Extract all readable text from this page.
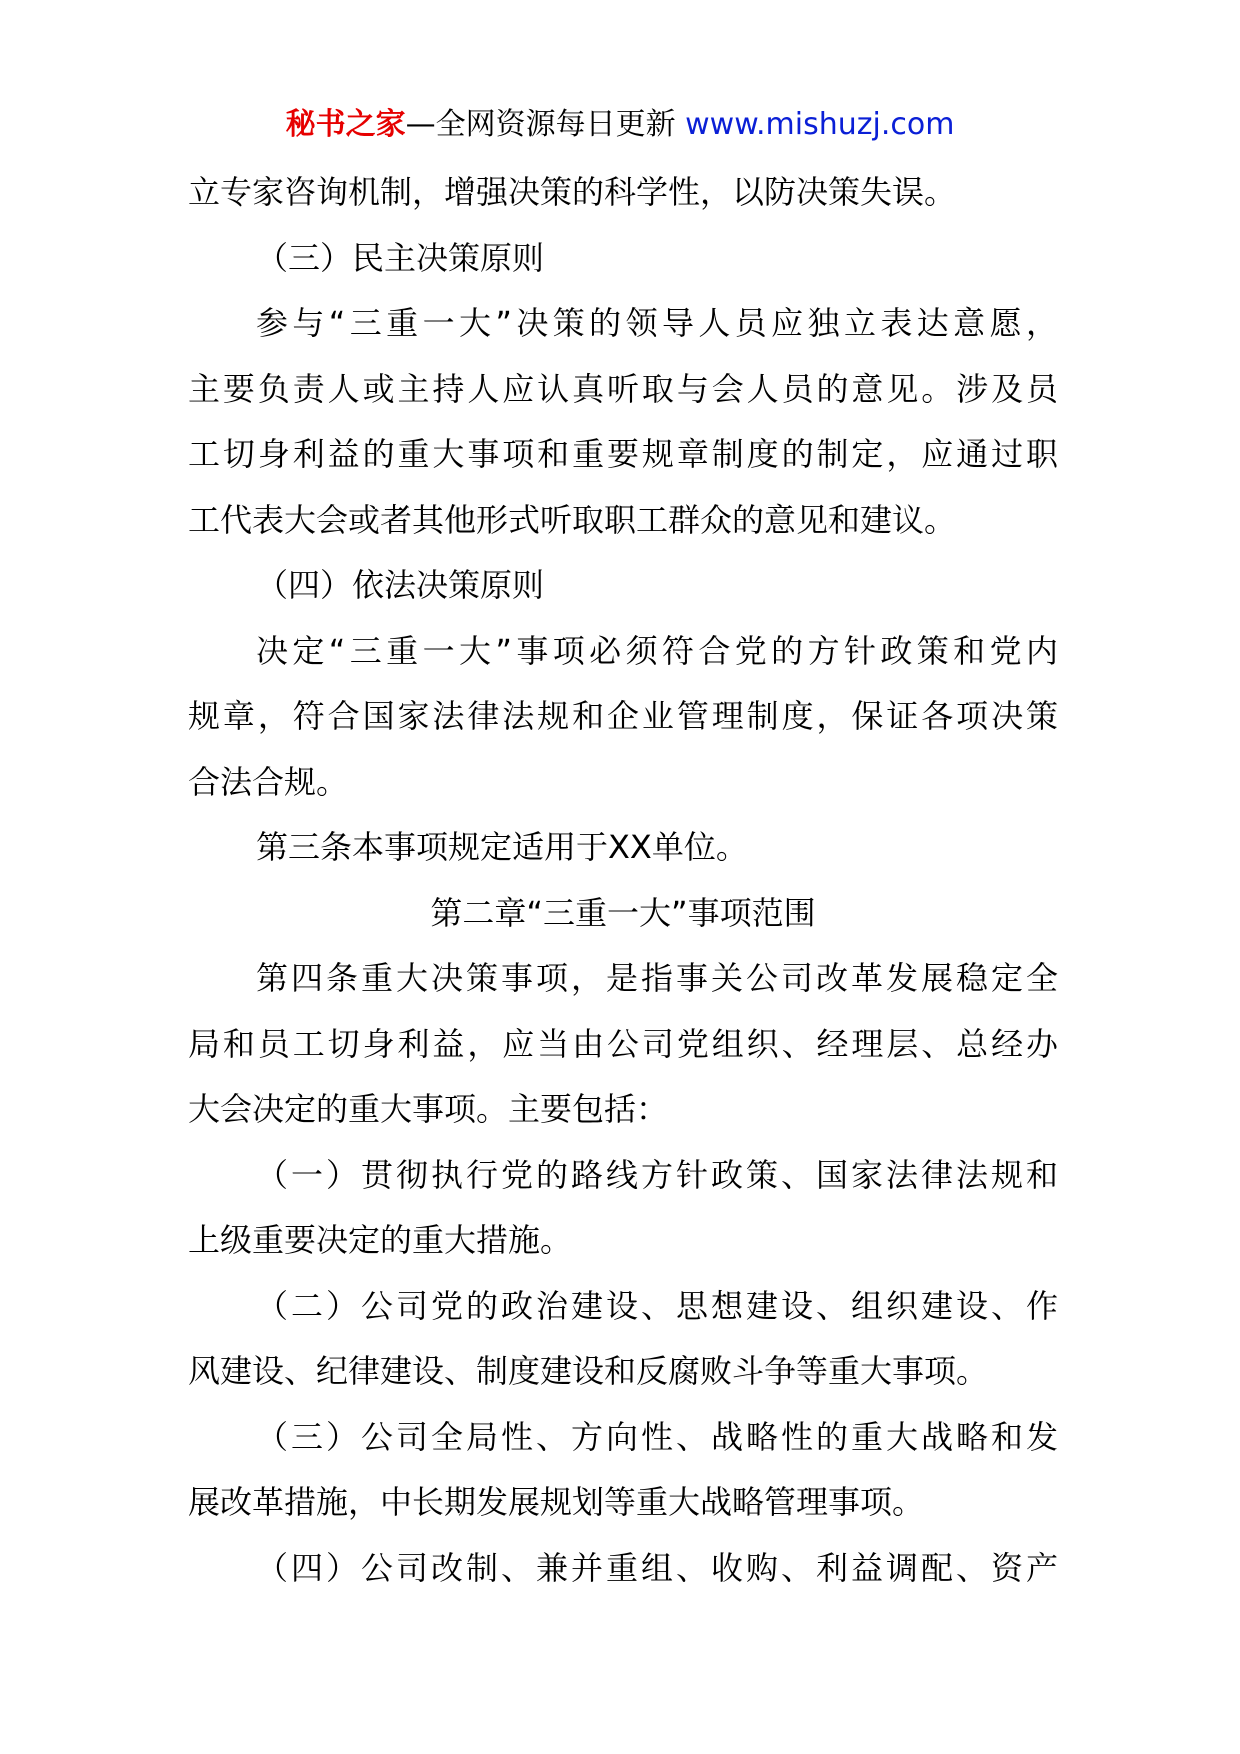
秘书之家—全网资源每日更新 www.mishuzj.com
立专家咨询机制，增强决策的科学性，以防决策失误。
（三）民主决策原则
参与“三重一大”决策的领导人员应独立表达意愿，
主要负责人或主持人应认真听取与会人员的意见。涉及员
工切身利益的重大事项和重要规章制度的制定，应通过职
工代表大会或者其他形式听取职工群众的意见和建议。
（四）依法决策原则
决定“三重一大”事项必须符合党的方针政策和党内
规章，符合国家法律法规和企业管理制度，保证各项决策
合法合规。
第三条本事项规定适用于XX单位。
第二章“三重一大”事项范围
第四条重大决策事项，是指事关公司改革发展稳定全
局和员工切身利益，应当由公司党组织、经理层、总经办
大会决定的重大事项。主要包括：
（一）贯彻执行党的路线方针政策、国家法律法规和
上级重要决定的重大措施。
（二）公司党的政治建设、思想建设、组织建设、作
风建设、纪律建设、制度建设和反腐败斗争等重大事项。
（三）公司全局性、方向性、战略性的重大战略和发
展改革措施，中长期发展规划等重大战略管理事项。
（四）公司改制、兼并重组、收购、利益调配、资产
